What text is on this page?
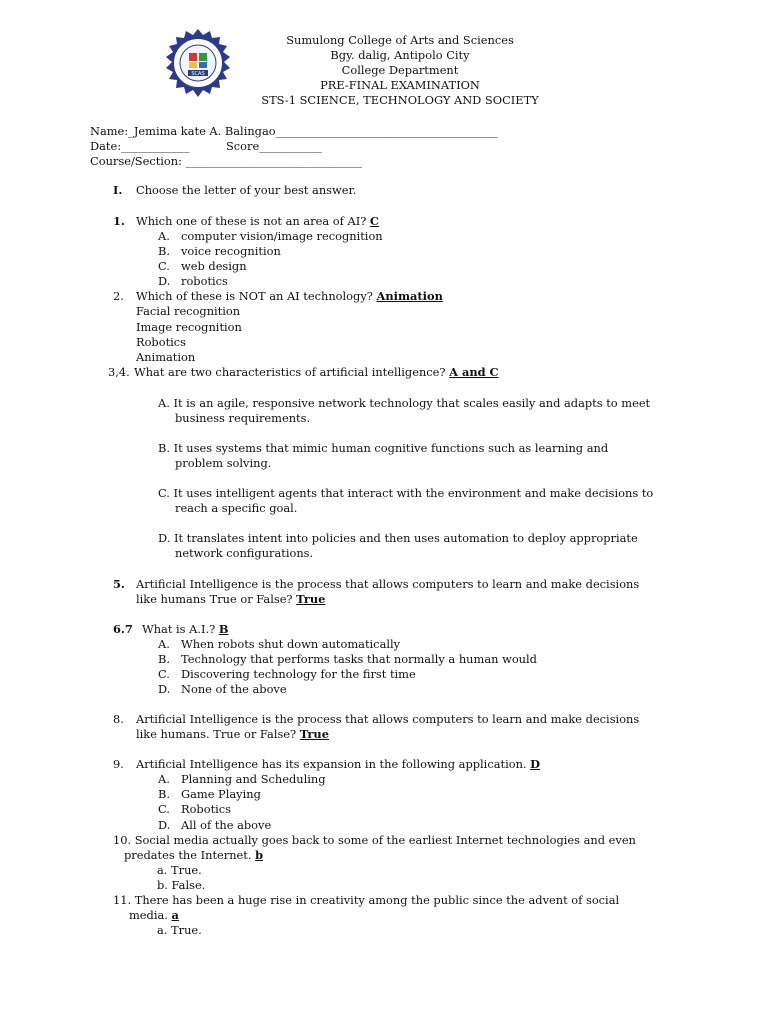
SCAS
Sumulong College of Arts and Sciences
Bgy. dalig, Antipolo City
College Department
PRE-FINAL EXAMINATION
STS-1 SCIENCE, TECHNOLOGY AND SOCIETY
Name:_Jemima kate A. Balingao_______________________________________
Date:____________	Score___________
Course/Section: _______________________________
I. Choose the letter of your best answer.
1. Which one of these is not an area of AI? C
A. computer vision/image recognition
B. voice recognition
C. web design
D. robotics
2. Which of these is NOT an AI technology? Animation
Facial recognition
Image recognition
Robotics
Animation
3,4. What are two characteristics of artificial intelligence? A and C
A. It is an agile, responsive network technology that scales easily and adapts to meet
business requirements.
B. It uses systems that mimic human cognitive functions such as learning and
problem solving.
C. It uses intelligent agents that interact with the environment and make decisions to
reach a specific goal.
D. It translates intent into policies and then uses automation to deploy appropriate
network configurations.
5. Artificial Intelligence is the process that allows computers to learn and make decisions
like humans True or False? True
6.7 What is A.I.? B
A. When robots shut down automatically
B. Technology that performs tasks that normally a human would
C. Discovering technology for the first time
D. None of the above
8. Artificial Intelligence is the process that allows computers to learn and make decisions
like humans. True or False? True
9. Artificial Intelligence has its expansion in the following application. D
A. Planning and Scheduling
B. Game Playing
C. Robotics
D. All of the above
10. Social media actually goes back to some of the earliest Internet technologies and even
predates the Internet. b
a. True.
b. False.
11. There has been a huge rise in creativity among the public since the advent of social
media. a
a. True.
